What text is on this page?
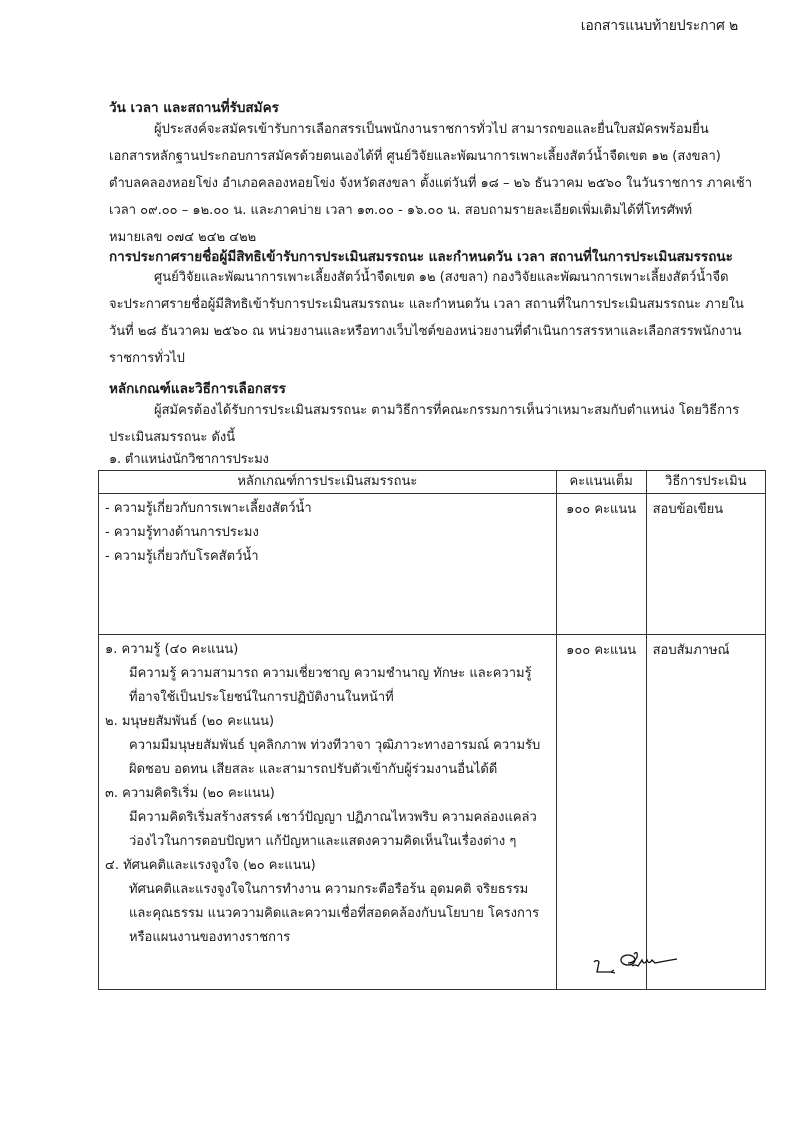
เอกสารแนบท้ายประกาศ ๒
วัน เวลา และสถานที่รับสมัคร

ผู้ประสงค์จะสมัครเข้ารับการเลือกสรรเป็นพนักงานราชการทั่วไป สามารถขอและยื่นใบสมัครพร้อมยื่น

เอกสารหลักฐานประกอบการสมัครด้วยตนเองได้ที่ ศูนย์วิจัยและพัฒนาการเพาะเลี้ยงสัตว์น้ำจืดเขต ๑๒ (สงขลา)

ตำบลคลองหอยโข่ง อำเภอคลองหอยโข่ง จังหวัดสงขลา ตั้งแต่วันที่ ๑๘ – ๒๖ ธันวาคม ๒๕๖๐ ในวันราชการ ภาคเช้า

เวลา ๐๙.๐๐ – ๑๒.๐๐ น. และภาคบ่าย เวลา ๑๓.๐๐ - ๑๖.๐๐ น. สอบถามรายละเอียดเพิ่มเติมได้ที่โทรศัพท์

หมายเลข ๐๗๔ ๒๔๒ ๔๒๒

การประกาศรายชื่อผู้มีสิทธิเข้ารับการประเมินสมรรถนะ และกำหนดวัน เวลา สถานที่ในการประเมินสมรรถนะ

ศูนย์วิจัยและพัฒนาการเพาะเลี้ยงสัตว์น้ำจืดเขต ๑๒ (สงขลา) กองวิจัยและพัฒนาการเพาะเลี้ยงสัตว์น้ำจืด

จะประกาศรายชื่อผู้มีสิทธิเข้ารับการประเมินสมรรถนะ และกำหนดวัน เวลา สถานที่ในการประเมินสมรรถนะ ภายใน

วันที่ ๒๘ ธันวาคม ๒๕๖๐ ณ หน่วยงานและหรือทางเว็บไซต์ของหน่วยงานที่ดำเนินการสรรหาและเลือกสรรพนักงาน

ราชการทั่วไป

หลักเกณฑ์และวิธีการเลือกสรร

ผู้สมัครต้องได้รับการประเมินสมรรถนะ ตามวิธีการที่คณะกรรมการเห็นว่าเหมาะสมกับตำแหน่ง โดยวิธีการ

ประเมินสมรรถนะ ดังนี้

๑. ตำแหน่งนักวิชาการประมง
หลักเกณฑ์การประเมินสมรรถนะ	คะแนนเต็ม	วิธีการประเมิน

- ความรู้เกี่ยวกับการเพาะเลี้ยงสัตว์น้ำ
- ความรู้ทางด้านการประมง
- ความรู้เกี่ยวกับโรคสัตว์น้ำ	๑๐๐ คะแนน	สอบข้อเขียน

๑. ความรู้ (๔๐ คะแนน)
มีความรู้ ความสามารถ ความเชี่ยวชาญ ความชำนาญ ทักษะ และความรู้
ที่อาจใช้เป็นประโยชน์ในการปฏิบัติงานในหน้าที่
๒. มนุษยสัมพันธ์ (๒๐ คะแนน)
ความมีมนุษยสัมพันธ์ บุคลิกภาพ ท่วงทีวาจา วุฒิภาวะทางอารมณ์ ความรับ
ผิดชอบ อดทน เสียสละ และสามารถปรับตัวเข้ากับผู้ร่วมงานอื่นได้ดี
๓. ความคิดริเริ่ม (๒๐ คะแนน)
มีความคิดริเริ่มสร้างสรรค์ เชาว์ปัญญา ปฏิภาณไหวพริบ ความคล่องแคล่ว
ว่องไวในการตอบปัญหา แก้ปัญหาและแสดงความคิดเห็นในเรื่องต่าง ๆ
๔. ทัศนคติและแรงจูงใจ (๒๐ คะแนน)
ทัศนคติและแรงจูงใจในการทำงาน ความกระตือรือร้น อุดมคติ จริยธรรม
และคุณธรรม แนวความคิดและความเชื่อที่สอดคล้องกับนโยบาย โครงการ
หรือแผนงานของทางราชการ
	๑๐๐ คะแนน	สอบสัมภาษณ์
